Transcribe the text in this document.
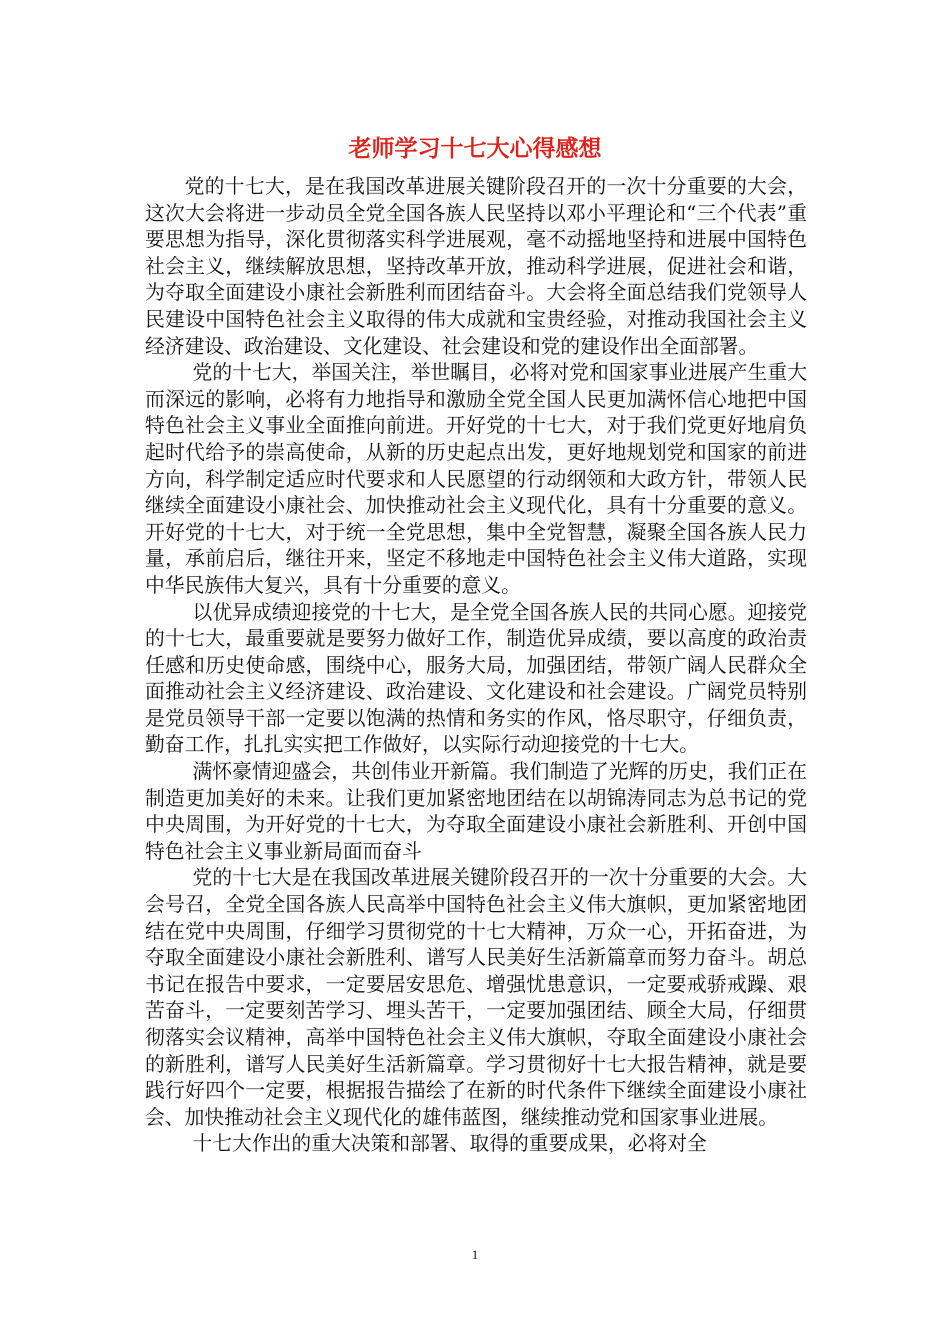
老师学习十七大心得感想

党的十七大，是在我国改革进展关键阶段召开的一次十分重要的大会，这次大会将进一步动员全党全国各族人民坚持以邓小平理论和“三个代表”重要思想为指导，深化贯彻落实科学进展观，毫不动摇地坚持和进展中国特色社会主义，继续解放思想，坚持改革开放，推动科学进展，促进社会和谐，为夺取全面建设小康社会新胜利而团结奋斗。大会将全面总结我们党领导人民建设中国特色社会主义取得的伟大成就和宝贵经验，对推动我国社会主义经济建设、政治建设、文化建设、社会建设和党的建设作出全面部署。

党的十七大，举国关注，举世瞩目，必将对党和国家事业进展产生重大而深远的影响，必将有力地指导和激励全党全国人民更加满怀信心地把中国特色社会主义事业全面推向前进。开好党的十七大，对于我们党更好地肩负起时代给予的崇高使命，从新的历史起点出发，更好地规划党和国家的前进方向，科学制定适应时代要求和人民愿望的行动纲领和大政方针，带领人民继续全面建设小康社会、加快推动社会主义现代化，具有十分重要的意义。开好党的十七大，对于统一全党思想，集中全党智慧，凝聚全国各族人民力量，承前启后，继往开来，坚定不移地走中国特色社会主义伟大道路，实现中华民族伟大复兴，具有十分重要的意义。

以优异成绩迎接党的十七大，是全党全国各族人民的共同心愿。迎接党的十七大，最重要就是要努力做好工作，制造优异成绩，要以高度的政治责任感和历史使命感，围绕中心，服务大局，加强团结，带领广阔人民群众全面推动社会主义经济建设、政治建设、文化建设和社会建设。广阔党员特别是党员领导干部一定要以饱满的热情和务实的作风，恪尽职守，仔细负责，勤奋工作，扎扎实实把工作做好，以实际行动迎接党的十七大。

满怀豪情迎盛会，共创伟业开新篇。我们制造了光辉的历史，我们正在制造更加美好的未来。让我们更加紧密地团结在以胡锦涛同志为总书记的党中央周围，为开好党的十七大，为夺取全面建设小康社会新胜利、开创中国特色社会主义事业新局面而奋斗

党的十七大是在我国改革进展关键阶段召开的一次十分重要的大会。大会号召，全党全国各族人民高举中国特色社会主义伟大旗帜，更加紧密地团结在党中央周围，仔细学习贯彻党的十七大精神，万众一心，开拓奋进，为夺取全面建设小康社会新胜利、谱写人民美好生活新篇章而努力奋斗。胡总书记在报告中要求，一定要居安思危、增强忧患意识，一定要戒骄戒躁、艰苦奋斗，一定要刻苦学习、埋头苦干，一定要加强团结、顾全大局，仔细贯彻落实会议精神，高举中国特色社会主义伟大旗帜，夺取全面建设小康社会的新胜利，谱写人民美好生活新篇章。学习贯彻好十七大报告精神，就是要践行好四个一定要，根据报告描绘了在新的时代条件下继续全面建设小康社会、加快推动社会主义现代化的雄伟蓝图，继续推动党和国家事业进展。

十七大作出的重大决策和部署、取得的重要成果，必将对全

1
